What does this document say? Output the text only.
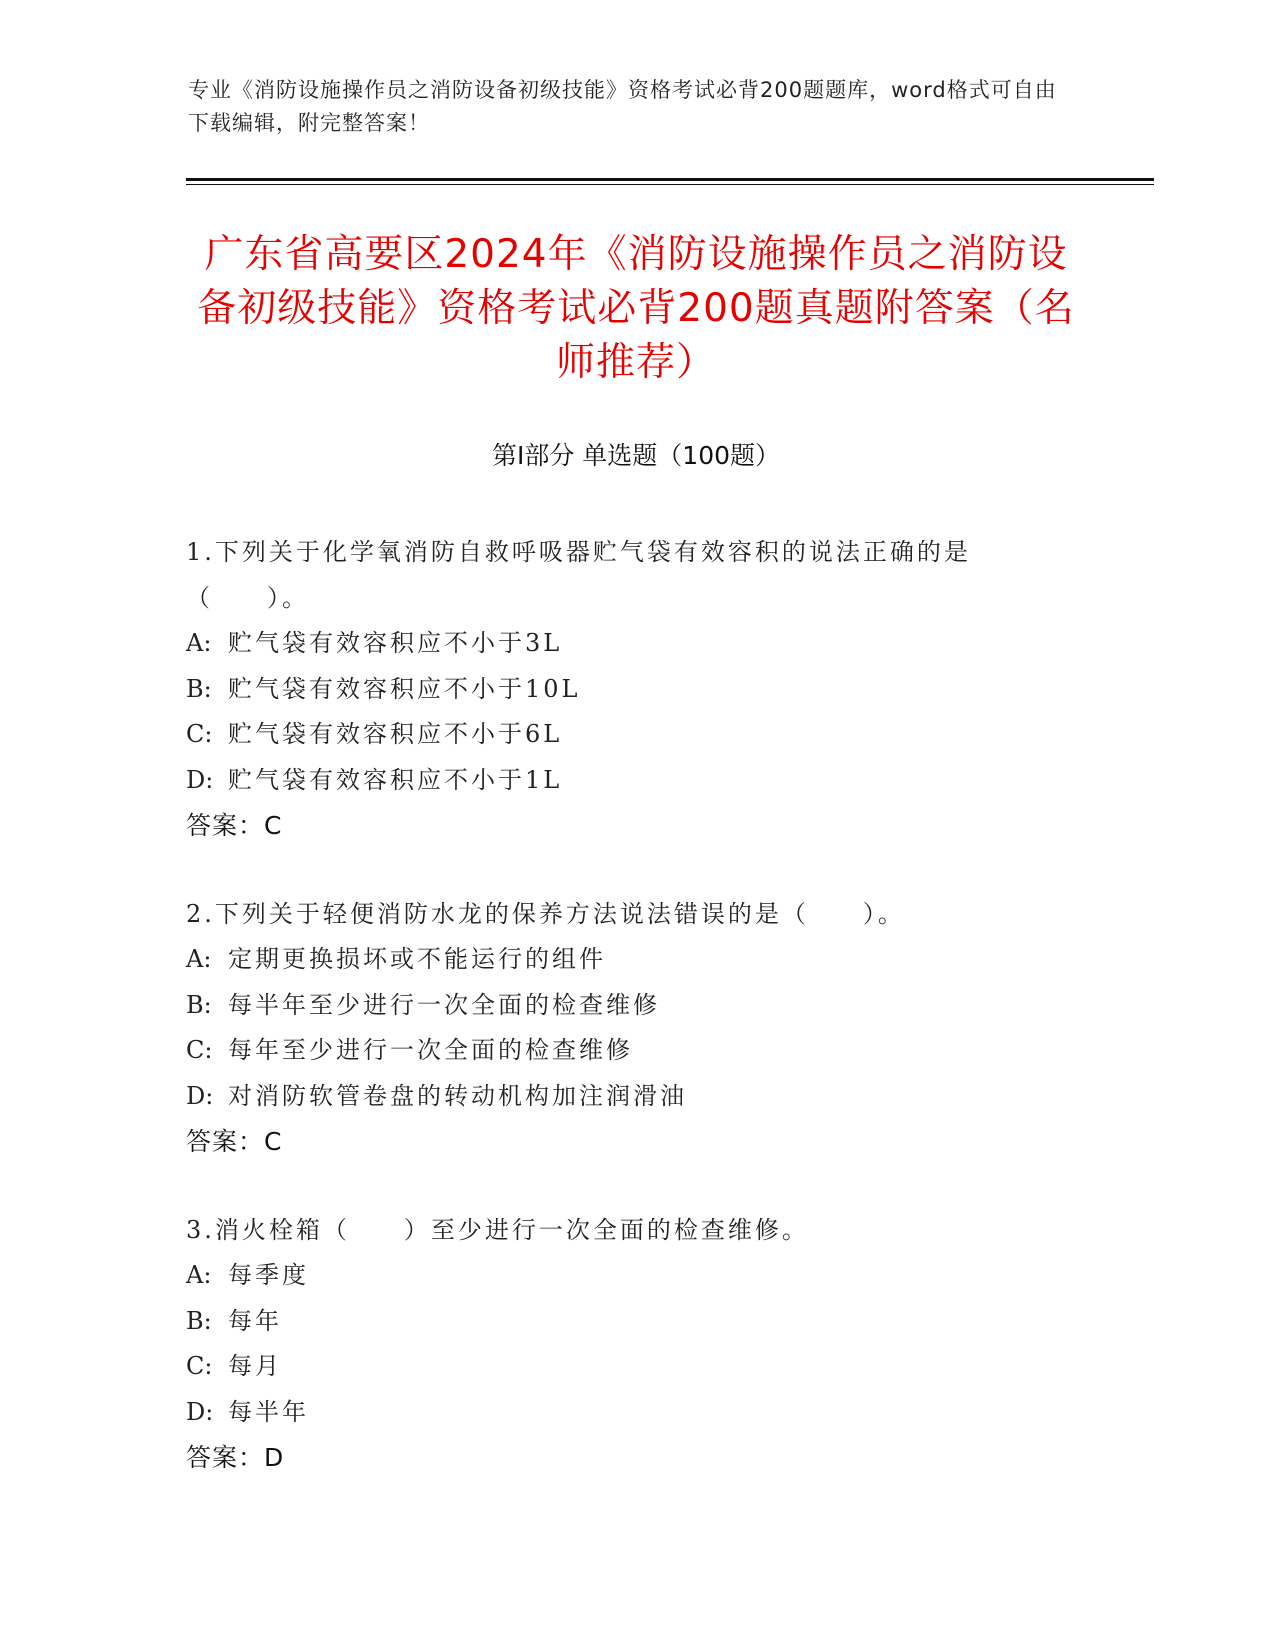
专业《消防设施操作员之消防设备初级技能》资格考试必背200题题库，word格式可自由下载编辑，附完整答案！
广东省高要区2024年《消防设施操作员之消防设备初级技能》资格考试必背200题真题附答案（名师推荐）
第Ⅰ部分 单选题（100题）
1.下列关于化学氧消防自救呼吸器贮气袋有效容积的说法正确的是（　　）。
A: 贮气袋有效容积应不小于3L
B: 贮气袋有效容积应不小于10L
C: 贮气袋有效容积应不小于6L
D: 贮气袋有效容积应不小于1L
答案：C
2.下列关于轻便消防水龙的保养方法说法错误的是（　　）。
A: 定期更换损坏或不能运行的组件
B: 每半年至少进行一次全面的检查维修
C: 每年至少进行一次全面的检查维修
D: 对消防软管卷盘的转动机构加注润滑油
答案：C
3.消火栓箱（　　）至少进行一次全面的检查维修。
A: 每季度
B: 每年
C: 每月
D: 每半年
答案：D
